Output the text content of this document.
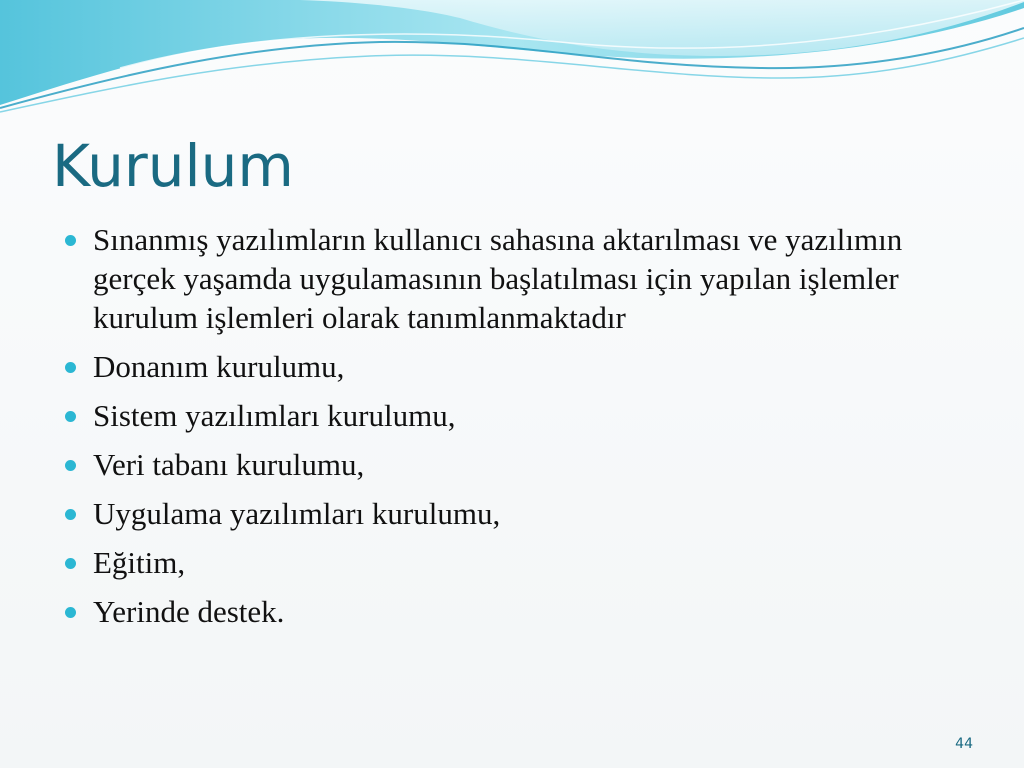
Kurulum
Sınanmış yazılımların kullanıcı sahasına aktarılması ve yazılımın gerçek yaşamda uygulamasının başlatılması için yapılan işlemler kurulum işlemleri olarak tanımlanmaktadır
Donanım kurulumu,
Sistem yazılımları kurulumu,
Veri tabanı kurulumu,
Uygulama yazılımları kurulumu,
Eğitim,
Yerinde destek.
44
